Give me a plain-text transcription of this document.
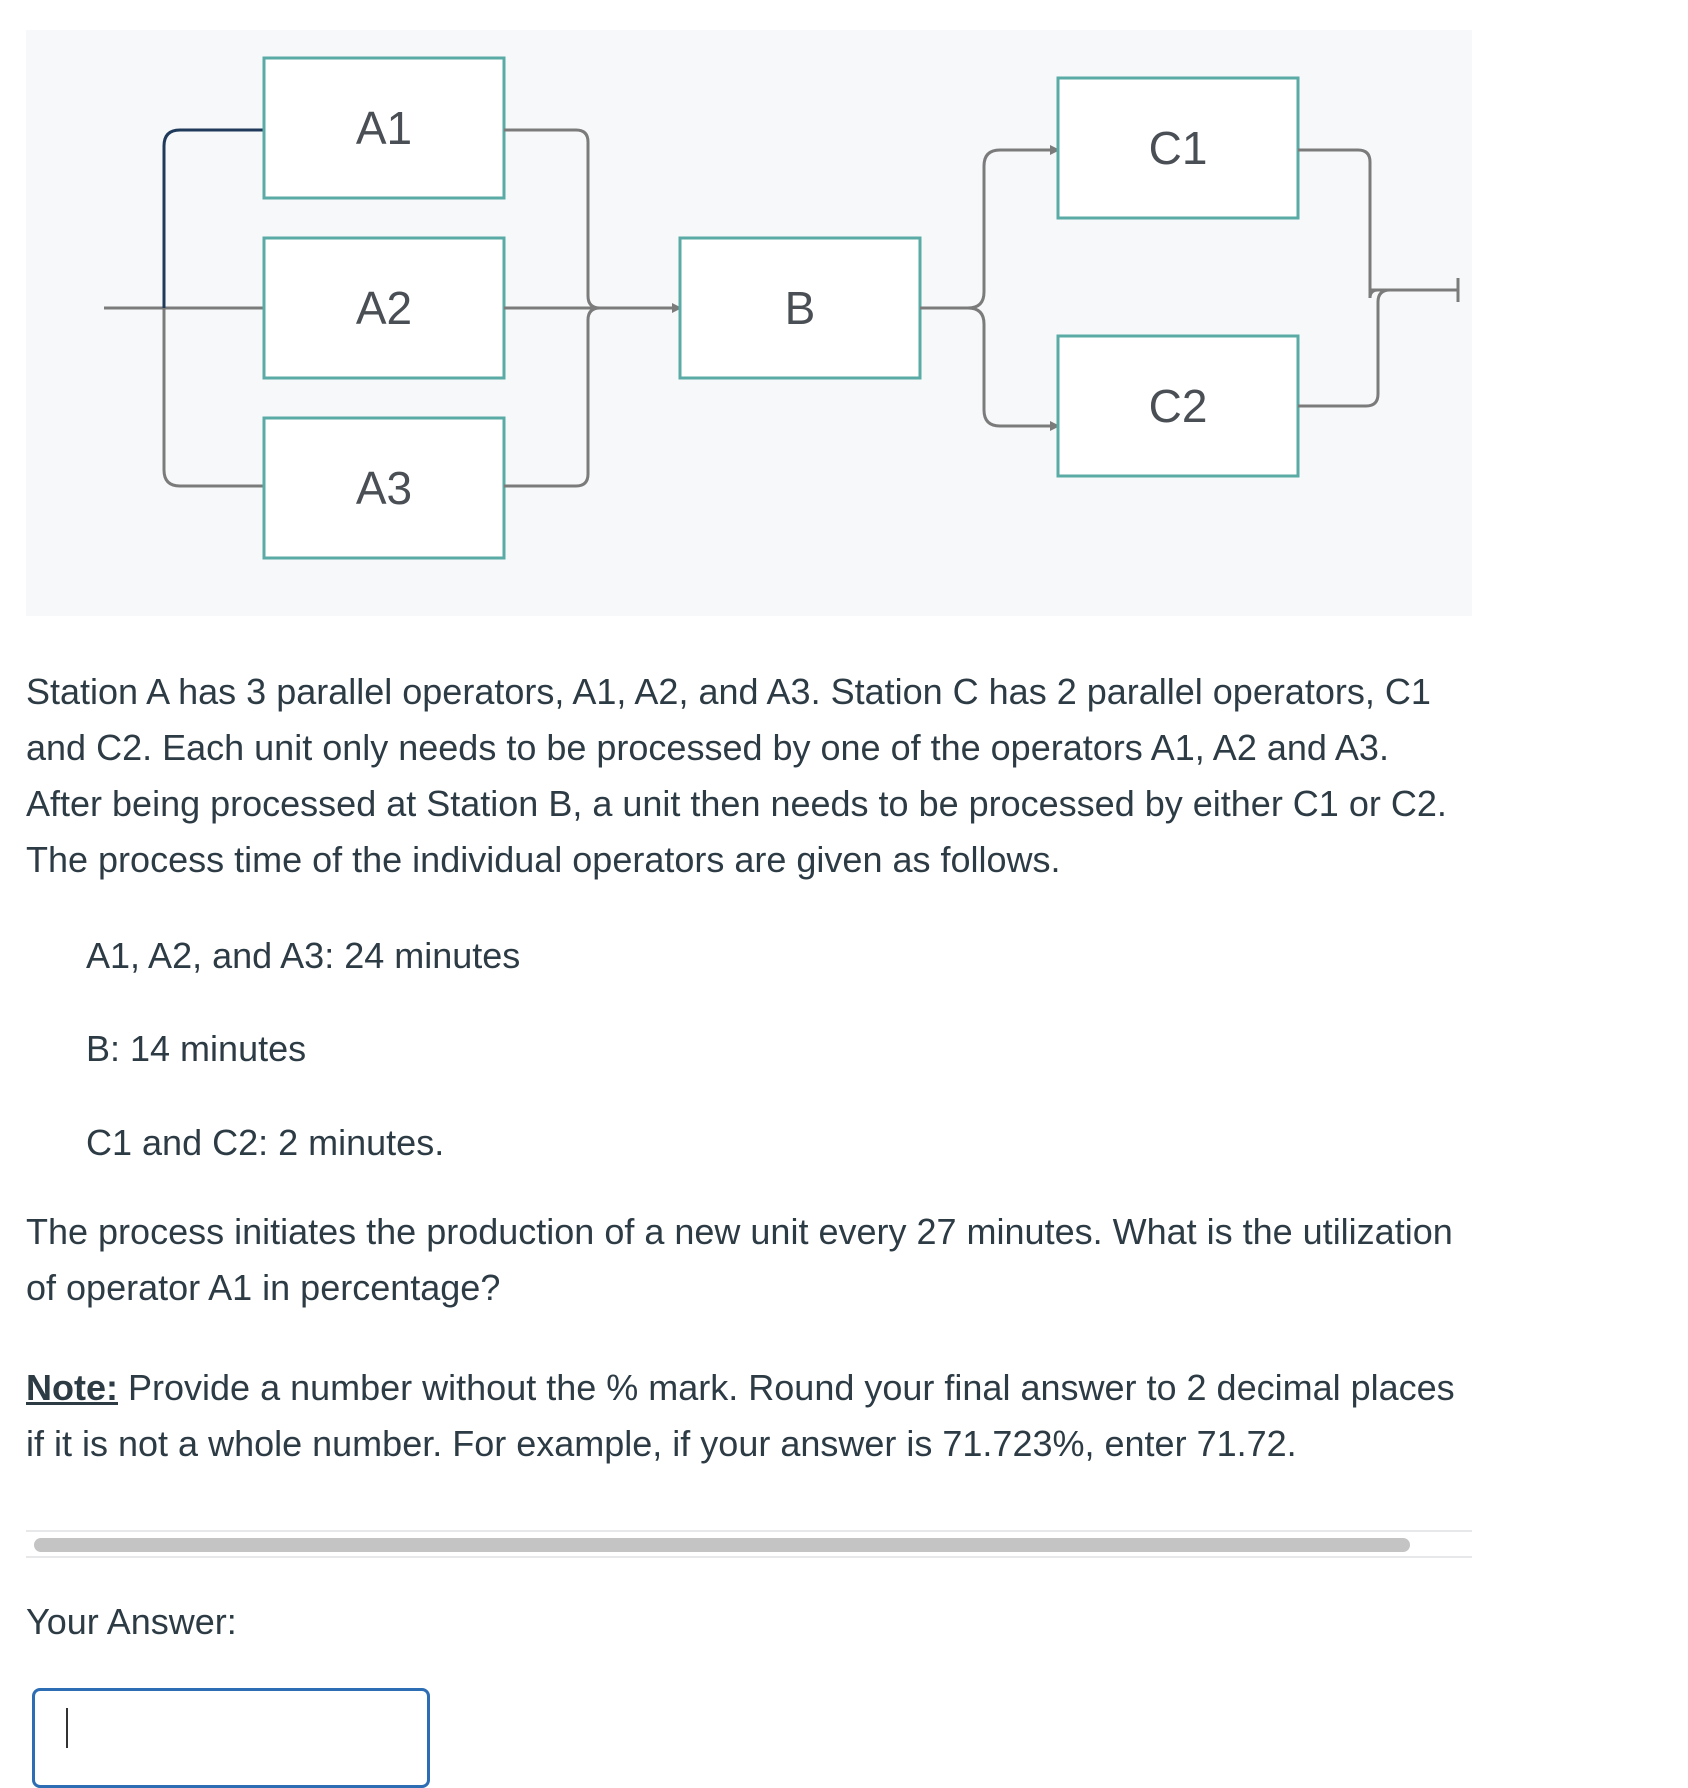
A1
A2
A3
B
C1
C2

Station A has 3 parallel operators, A1, A2, and A3. Station C has 2 parallel operators, C1 and C2. Each unit only needs to be processed by one of the operators A1, A2 and A3. After being processed at Station B, a unit then needs to be processed by either C1 or C2. The process time of the individual operators are given as follows.

A1, A2, and A3: 24 minutes

B: 14 minutes

C1 and C2: 2 minutes.

The process initiates the production of a new unit every 27 minutes. What is the utilization of operator A1 in percentage?

Note: Provide a number without the % mark. Round your final answer to 2 decimal places if it is not a whole number. For example, if your answer is 71.723%, enter 71.72.

Your Answer:
